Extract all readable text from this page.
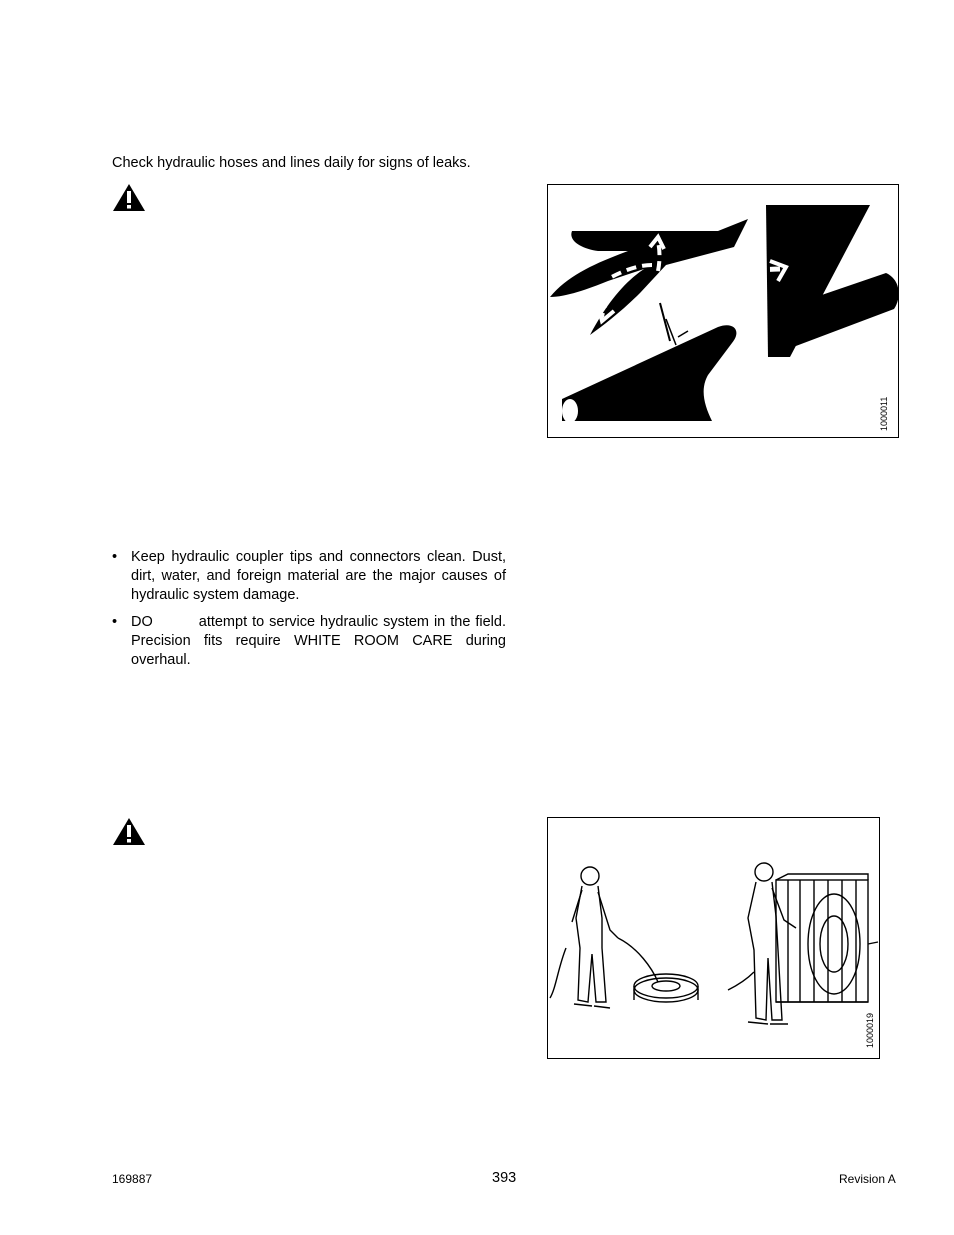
Check hydraulic hoses and lines daily for signs of leaks.
1000011
• Keep hydraulic coupler tips and connectors clean. Dust, dirt, water, and foreign material are the major causes of hydraulic system damage.
• DO	attempt to service hydraulic system in the field. Precision fits require WHITE ROOM CARE during overhaul.
1000019
169887	393	Revision A
